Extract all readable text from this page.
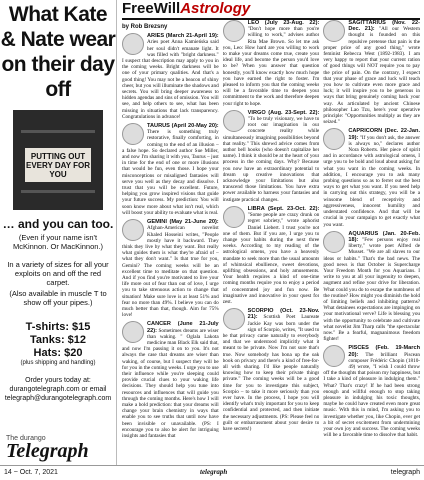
What Kate & Nate wear on their day off
PUTTING OUT EVERY DAY FOR YOU
… and you can too.
(Even if your name isn't McKinnon. Or MacKinnon.)
In a variety of sizes for all your exploits on and off the red carpet.
(Also available in muscle T to show off your pipes.)
T-shirts: $15
Tanks: $12
Hats: $20
(plus shipping and handling)
Order yours today at:
durangotelegraph.com or email
telegraph@durangotelegraph.com
The durango
Telegraph
FreeWillAstrology
by Rob Brezsny
ARIES (March 21-April 19): Aries poet Anna Kamieńska said her soul didn't emanate light. It was filled with "bright darkness." I suspect that description may apply to you in the coming weeks. Bright darkness will be one of your primary qualities. And that's a good thing! You may not be a beacon of shiny cheer, but you will illuminate the shadows and secrets. You will bring deeper awareness to hidden agendas and sins of omission. You will see, and help others to see, what has been missing in situations that lack transparency. Congratulations in advance!
TAURUS (April 20-May 20): There is something truly restorative, finally comforting, in coming to the end of an illusion – a false hope. So declared author Sue Miller, and now I'm sharing it with you, Taurus – just in time for the end of one or more illusions that would be fun, even those. I hope your misconceptions or misaligned fantasies will serve you well as they decay and dissolve. I trust that you will be excellent. Future, helping you grow inspired visions that guide your future success. My prediction: You will soon know more about what isn't real, which will boost your ability to evaluate what is real.
GEMINI (May 21-June 20): Afghan-American novelist Khaled Hosseini writes, "People mostly have it backward. They think they live by what they want. But really what guides them is what they're afraid of – what they don't want." Is that true for you, Gemini? The coming weeks will be an excellent time to meditate on that question. And if you find you're motivated to live your life more out of fear than out of love, I urge you to take strenuous action to change that situation! Make sure love is at least 51% and fear no more than 49%. I believe you can do much better than that, though. Aim for 75% love!
CANCER (June 21-July 22): Sometimes dreams are wiser than waking. " Oglala Lakota medicine man Black Elk said that, and now I'm passing it on to you. It's not always the case that dreams are wiser than waking, of course, but I suspect they will be for you in the coming weeks. I urge you to use their influence while you're sleeping could provide crucial clues to your waking life decisions. They should help you tune into resources and influences that will guide you through the coming months. Here's how I will make a bold prediction: that your dreams will change your brain chemistry in ways that enable you to see truths that until now have been invisible or unavailable. (PS: I encourage you to also be alert for intriguing insights and fantasies that
LEO (July 23-Aug. 22): "Don't hope more than you're willing to work," advises author Rita Mae Brown. So let me ask you, Leo: How hard are you willing to work to make your dreams come true, create your ideal life, and become the person you'd love to be? When you answer that question honestly, you'll know exactly how much hope you have earned the right to foster. I'm pleased to inform you that the coming weeks will be a favorable time to deepen your commitment to the work and therefore deepen your right to hope.
VIRGO (Aug. 23-Sept. 22): "To be truly visionary, we have to root our imagination in our concrete reality while simultaneously imagining possibilities beyond that reality." This shrewd advice comes from author bell hooks (who doesn't capitalize her name). I think it should be at the heart of your process in the coming days. Why? Because you now have an extraordinary potential to dream up creative innovations that acknowledge your limitations but also transcend those limitations. You have extra power available to harness your fantasies and instigate practical changes.
LIBRA (Sept. 23-Oct. 22): "Some people are crazy drunk on regret sobriety," wrote aphorist Daniel Liebert. I trust you're not one of them. But if you are, I urge you to change your habits during the next three weeks. According to my reading of the astrological omens, you have a heavenly mandate to seek more than the usual amounts of whimsical ebullience, sweet devotions, uplifting obsessions, and holy amusements. Your health requires a kind of one-time coming months require you to enjoy a period of concentrated joy and fun now. Be imaginative and innovative in your quest for zest.
SCORPIO (Oct. 23-Nov. 21): Scottish Poet Laureate Jackie Kay was born under the sign of Scorpio, writes, "It used to be that privacy came naturally to everybody and that we understood implicitly what it meant to be private. Now I'm not sure that's true. Now somebody has bona up the oak book on privacy and there's a kind of free-for-all with sharing. I'd like people naturally knowing how to keep their private things private." The coming weeks will be a good time for you to investigate this subject, Scorpio – to take it more seriously than you ever have. In the process, I hope you will identify what's truly important for you to keep confidential and protected, and then initiate the necessary adjustments. (PS: Please feel no guilt or embarrassment about your desire to have secrets!)
SAGITTARIUS (Nov. 22-Dec. 21): "All our Western thought is founded on this repulsive pretense that pain is the proper price of any good thing," wrote feminist Rebecca West (1892-1983). I am very happy to report that your current ration of good things will NOT require you to pay the price of pain. On the contrary, I expect that your phase of grace and luck will teach you how to cultivate even more grace and luck; it will inspire you to be generous in ways that bring genuinely coming back your way. As articulated by ancient Chinese philosopher Lao Tzu, here's your operative principle: "Opportunities multiply as they are seized."
CAPRICORN (Dec. 22-Jan. 19): "If you don't ask, the answer is always no," declares author Nora Roberts. Her piece of spirit and in accordance with astrological omens, I urge you to be bold and loud about asking for what you want in the coming weeks. In addition, I encourage you to ask many probing questions so as to ferret out the best ways to get what you want. If you need help in carrying out this strategy, you will be a winsome blend of receptivity and aggressiveness, innocent humility and understated confidence. And that will be crucial in your campaign to get exactly what you want.
AQUARIUS (Jan. 20-Feb. 18): "Few persons enjoy real liberty," wrote poet Alfred de Musset. "We are all slaves to our ideas or habits." That's the bad news. The good news is that October is Supercharge Your Freedom Month for you Aquarians. I write to you at all your ingenuity to deepen, augment and refine your drive for liberation. What could you do to escape the numbness of the routine? How might you diminish the hold of limiting beliefs and inhibiting patterns? What detainees expectations are impinging on your motivational verve? Life is blessing you with the opportunity to celebrate and cultivate what novelist Jim Tharp calls "the spectacular now." Be a fearful, magnanimous freedom fighter!
PISCES (Feb. 19-March 20): The brilliant Piscean composer Frédéric Chopin (1810-49) wrote, "I wish I could throw off the thoughts that poison my happiness, but I take a kind of pleasure in indulging them." What? That's crazy! If he had been strong enough and willful enough to stop taking pleasure in indulging his toxic thoughts, maybe he could have created even more great music. With this in mind, I'm asking you to investigate whether you, like Chopin, ever get a bit of secret excitement from undermining your own joy and success. The coming weeks will be a favorable time to dissolve that habit.
14 ~ Oct. 7, 2021	telegraph	telegraph
